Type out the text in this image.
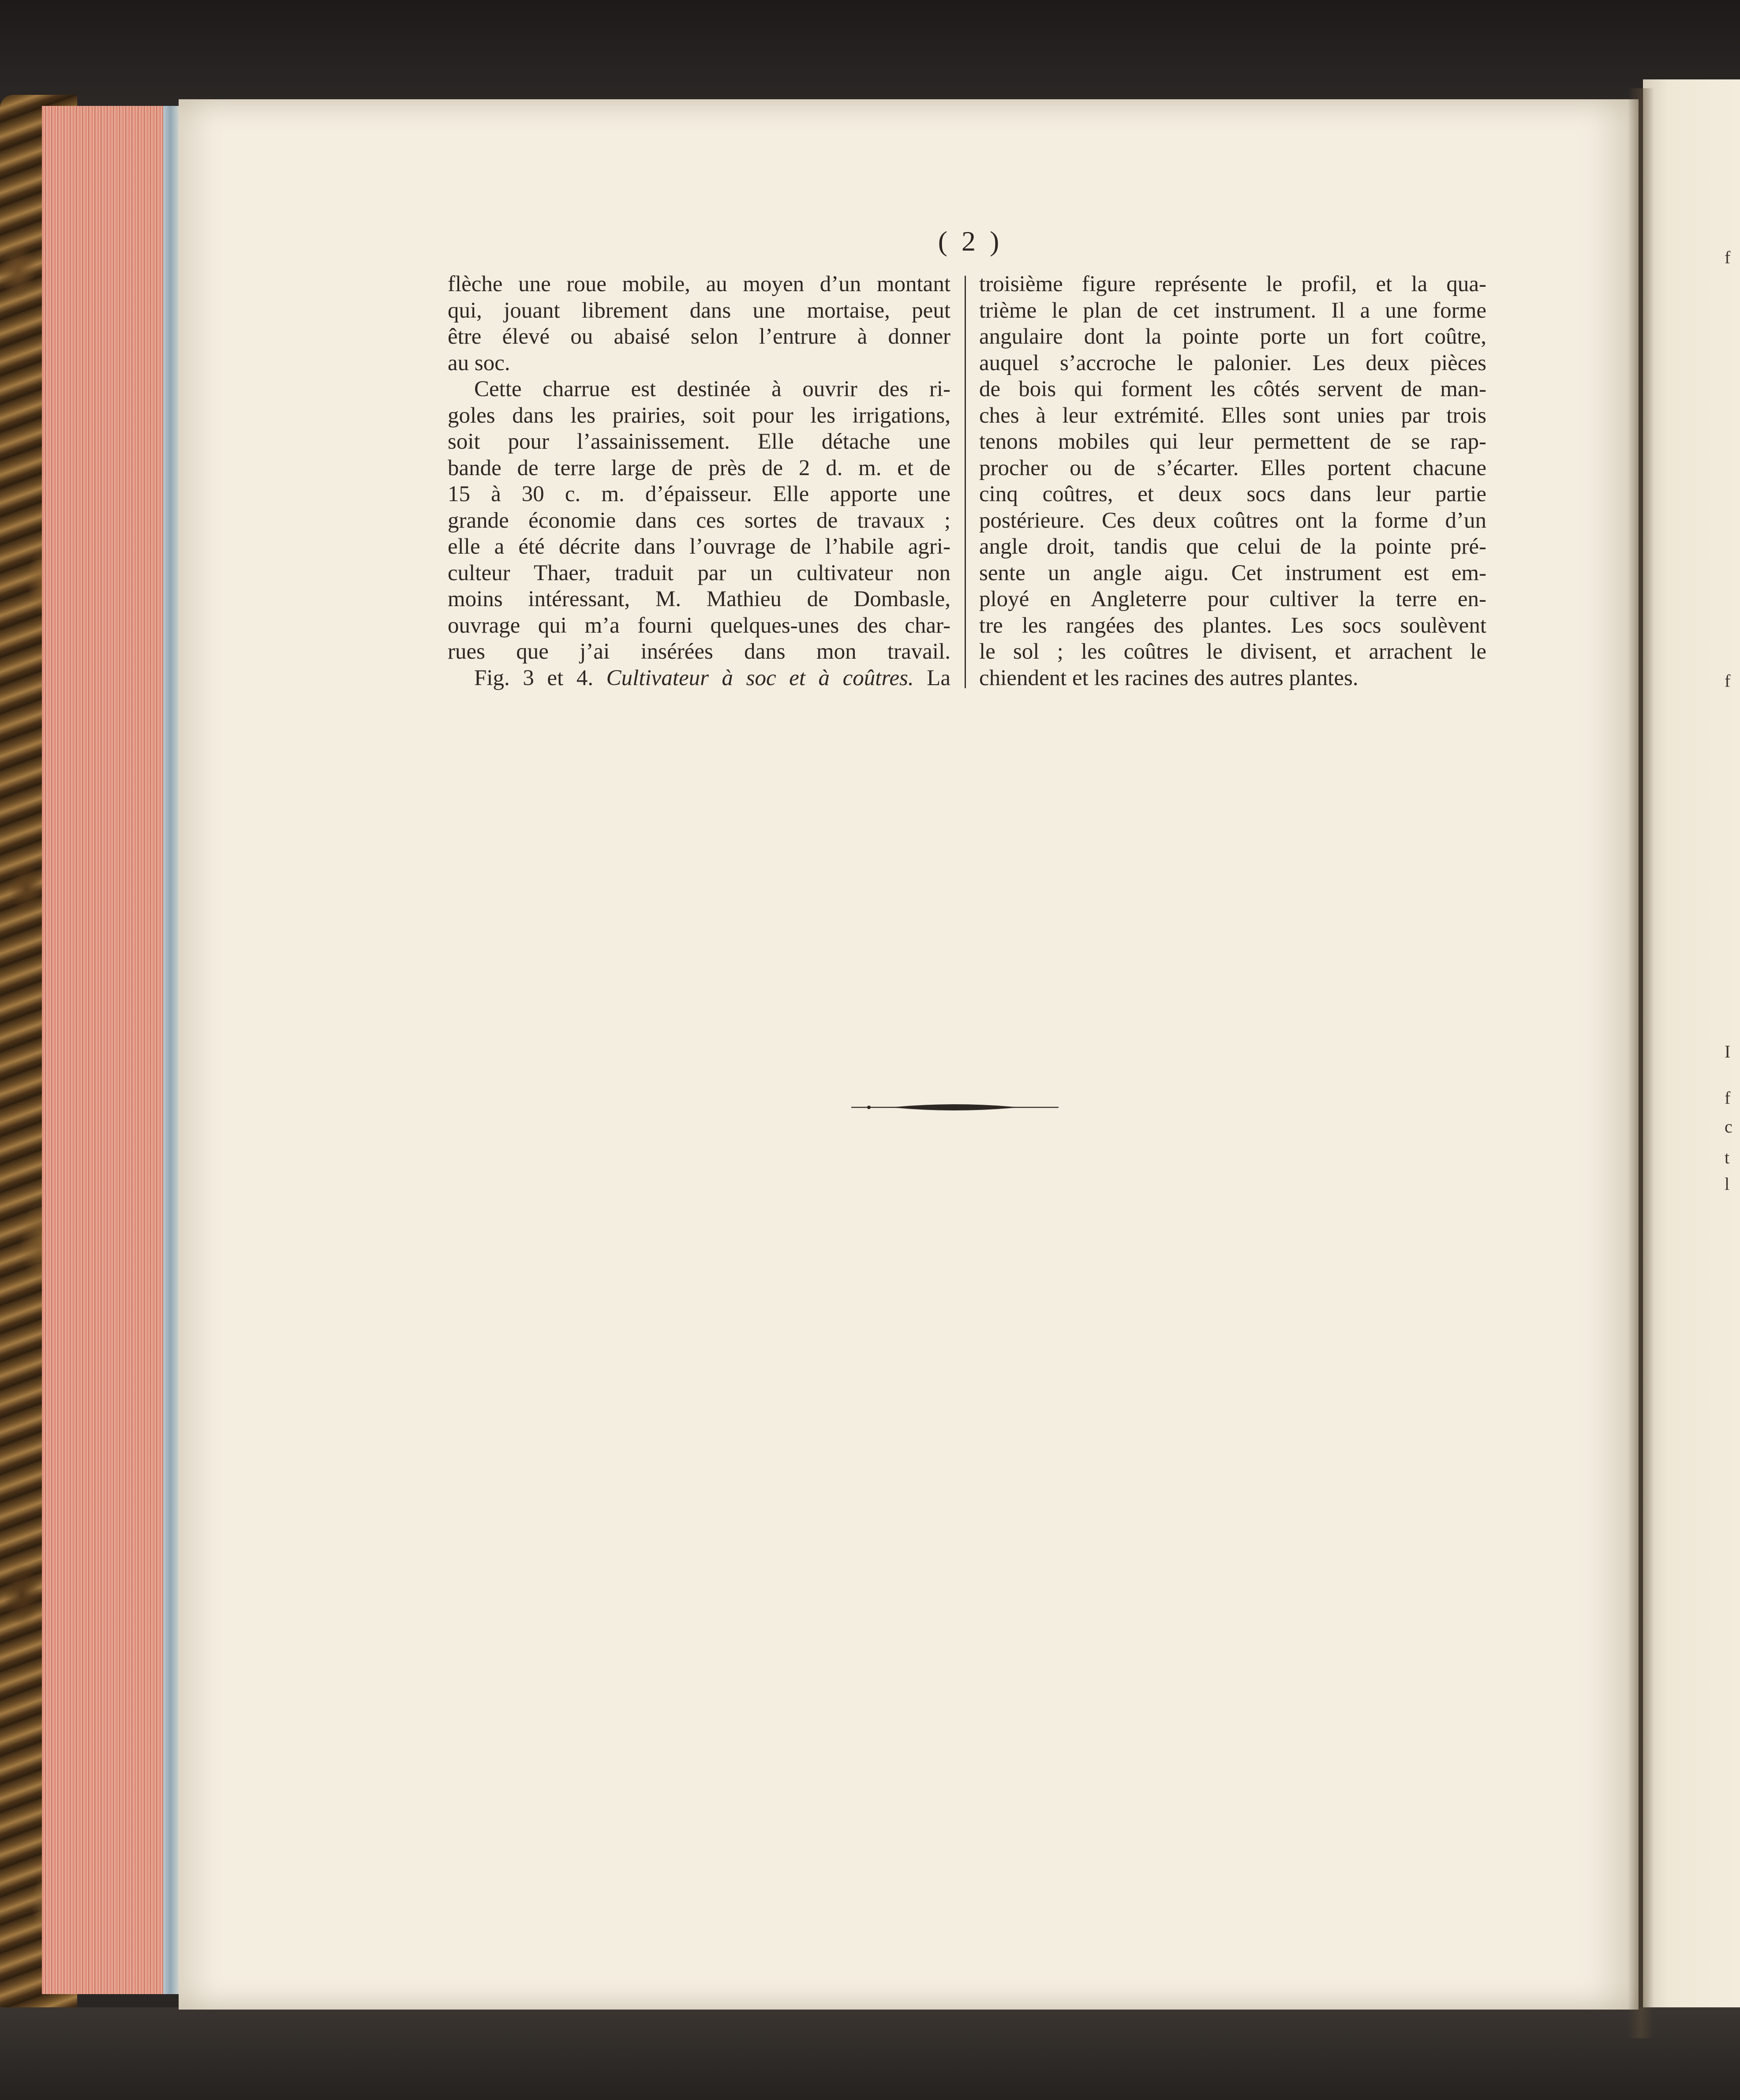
( 2 )
flèche une roue mobile, au moyen d’un montant
qui, jouant librement dans une mortaise, peut
être élevé ou abaisé selon l’entrure à donner
au soc.
Cette charrue est destinée à ouvrir des ri-
goles dans les prairies, soit pour les irrigations,
soit pour l’assainissement. Elle détache une
bande de terre large de près de 2 d. m. et de
15 à 30 c. m. d’épaisseur. Elle apporte une
grande économie dans ces sortes de travaux ;
elle a été décrite dans l’ouvrage de l’habile agri-
culteur Thaer, traduit par un cultivateur non
moins intéressant, M. Mathieu de Dombasle,
ouvrage qui m’a fourni quelques-unes des char-
rues que j’ai insérées dans mon travail.
Fig. 3 et 4. Cultivateur à soc et à coûtres. La
troisième figure représente le profil, et la qua-
trième le plan de cet instrument. Il a une forme
angulaire dont la pointe porte un fort coûtre,
auquel s’accroche le palonier. Les deux pièces
de bois qui forment les côtés servent de man-
ches à leur extrémité. Elles sont unies par trois
tenons mobiles qui leur permettent de se rap-
procher ou de s’écarter. Elles portent chacune
cinq coûtres, et deux socs dans leur partie
postérieure. Ces deux coûtres ont la forme d’un
angle droit, tandis que celui de la pointe pré-
sente un angle aigu. Cet instrument est em-
ployé en Angleterre pour cultiver la terre en-
tre les rangées des plantes. Les socs soulèvent
le sol ; les coûtres le divisent, et arrachent le
chiendent et les racines des autres plantes.
f
f
I
f
c
t
l
